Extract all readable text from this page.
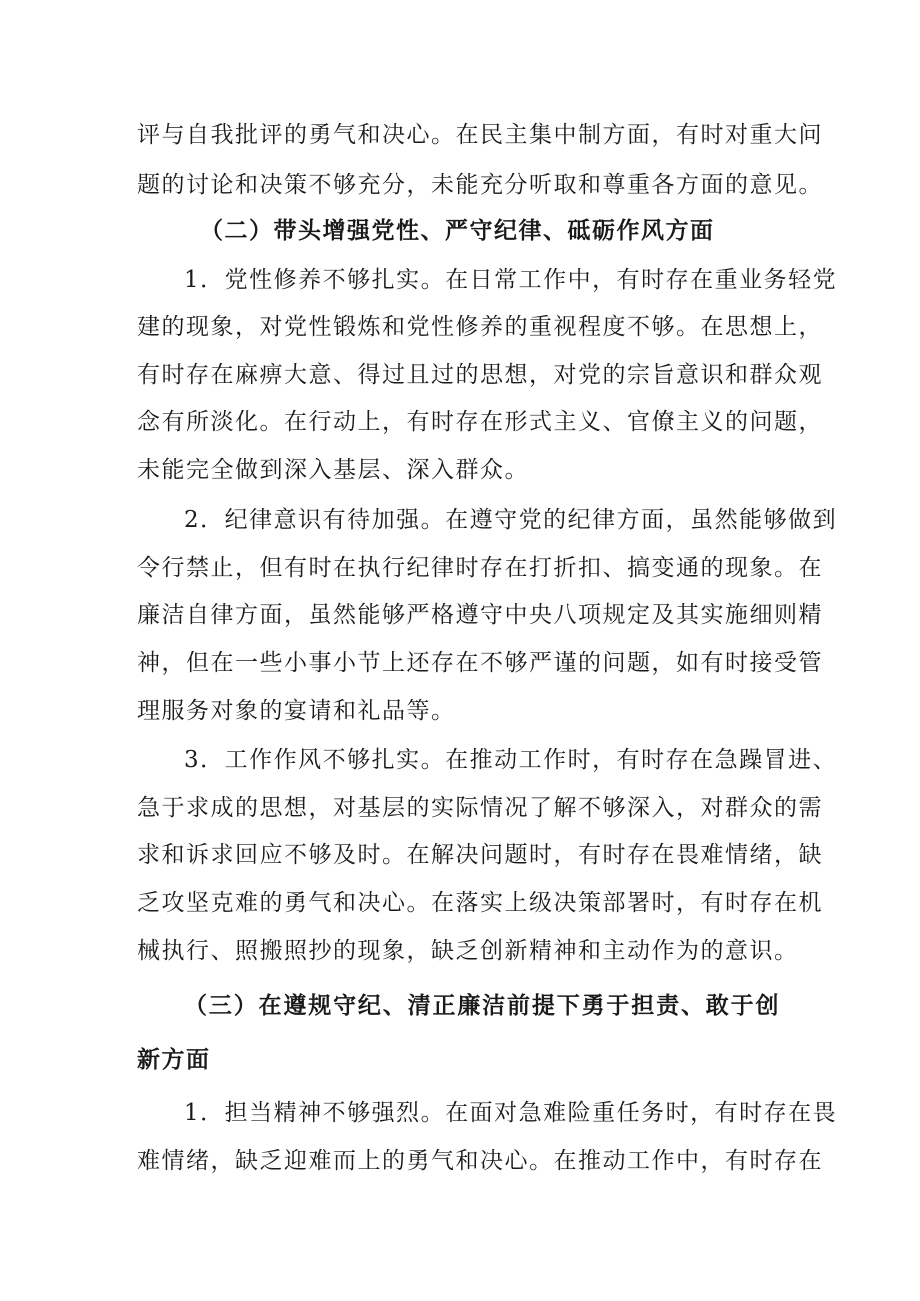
评与自我批评的勇气和决心。在民主集中制方面，有时对重大问
题的讨论和决策不够充分，未能充分听取和尊重各方面的意见。
（二）带头增强党性、严守纪律、砥砺作风方面
1．党性修养不够扎实。在日常工作中，有时存在重业务轻党
建的现象，对党性锻炼和党性修养的重视程度不够。在思想上，
有时存在麻痹大意、得过且过的思想，对党的宗旨意识和群众观
念有所淡化。在行动上，有时存在形式主义、官僚主义的问题，
未能完全做到深入基层、深入群众。
2．纪律意识有待加强。在遵守党的纪律方面，虽然能够做到
令行禁止，但有时在执行纪律时存在打折扣、搞变通的现象。在
廉洁自律方面，虽然能够严格遵守中央八项规定及其实施细则精
神，但在一些小事小节上还存在不够严谨的问题，如有时接受管
理服务对象的宴请和礼品等。
3．工作作风不够扎实。在推动工作时，有时存在急躁冒进、
急于求成的思想，对基层的实际情况了解不够深入，对群众的需
求和诉求回应不够及时。在解决问题时，有时存在畏难情绪，缺
乏攻坚克难的勇气和决心。在落实上级决策部署时，有时存在机
械执行、照搬照抄的现象，缺乏创新精神和主动作为的意识。
（三）在遵规守纪、清正廉洁前提下勇于担责、敢于创
新方面
1．担当精神不够强烈。在面对急难险重任务时，有时存在畏
难情绪，缺乏迎难而上的勇气和决心。在推动工作中，有时存在
